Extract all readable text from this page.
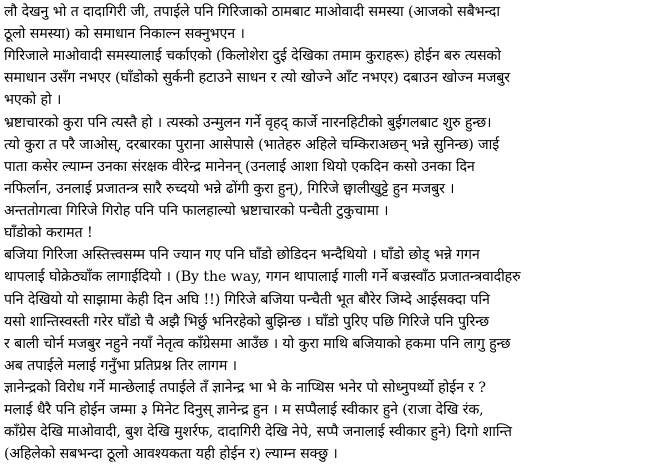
लौ देखनु भो त दादागिरी जी, तपाईले पनि गिरिजाको ठामबाट माओवादी समस्या (आजको सबैभन्दा
ठूलो समस्या) को समाधान निकाल्न सक्नुभएन ।
गिरिजाले माओवादी समस्यालाई चर्काएको (किलोशेरा दुई देखिका तमाम कुराहरू) होईन बरु त्यसको
समाधान उसँग नभएर (घाँडोको सुर्कनी हटाउने साधन र त्यो खोज्ने आँट नभएर) दबाउन खोज्न मजबुर
भएको हो ।
भ्रष्टाचारको कुरा पनि त्यस्तै हो । त्यस्को उन्मुलन गर्ने वृहद् कार्जे नारनहिटीको बुईगलबाट शुरु हुन्छ।
त्यो कुरा त परै जाओस्, दरबारका पुराना आसेपासे (भातेहरु अहिले चम्किराअछन् भन्ने सुनिन्छ) जाई
पाता कसेर ल्याम्न उनका संरक्षक वीरेन्द्र मानेनन् (उनलाई आशा थियो एकदिन कसो उनका दिन
नफिर्लान, उनलाई प्रजातन्त्र सारै रुच्दयो भन्ने ढोंगी कुरा हुन्), गिरिजे छ्वालीखुट्टे हुन मजबुर ।
अन्ततोगत्वा गिरिजे गिरोह पनि पनि फालहाल्यो भ्रष्टाचारको पन्चैती टुकुचामा ।
घाँडोको करामत !
बजिया गिरिजा अस्तित्त्वसम्म पनि ज्यान गए पनि घाँडो छोडिदन भन्दैथियो । घाँडो छोड् भन्ने गगन
थापलाई घोक्रेठ्याँक लागाईदियो । (By the way, गगन थापालाई गाली गर्ने बज्रस्वाँठ प्रजातन्त्रवादीहरु
पनि देखियो यो साझामा केही दिन अघि !!) गिरिजे बजिया पन्चैती भूत बौरेर जिम्दे आईसक्दा पनि
यसो शान्तिस्वस्ती गरेर घाँडो चै अझै भिर्छु भनिरहेको बुझिन्छ । घाँडो पुरिए पछि गिरिजे पनि पुरिन्छ
र बाली चोर्न मजबुर नहुने नयाँ नेतृत्व काँग्रेसमा आउँछ । यो कुरा माथि बजियाको हकमा पनि लागु हुन्छ
अब तपाईले मलाई गनुँभा प्रतिप्रश्न तिर लागम ।
ज्ञानेन्द्रको विरोध गर्ने मान्छेलाई तपाईले तँ ज्ञानेन्द्र भा भे के नाप्थिस भनेर पो सोध्नुपर्थ्यो होईन र ?
मलाई धैरै पनि होईन जम्मा ३ मिनेट दिनुस् ज्ञानेन्द्र हुन । म सप्पैलाई स्वीकार हुने (राजा देखि रंक,
काँग्रेस देखि माओवादी, बुश देखि मुशर्रफ, दादागिरी देखि नेपे, सप्पै जनालाई स्वीकार हुने) दिगो शान्ति
(अहिलेको सबभन्दा ठूलो आवश्यकता यही होईन र) ल्याम्न सक्छु ।
